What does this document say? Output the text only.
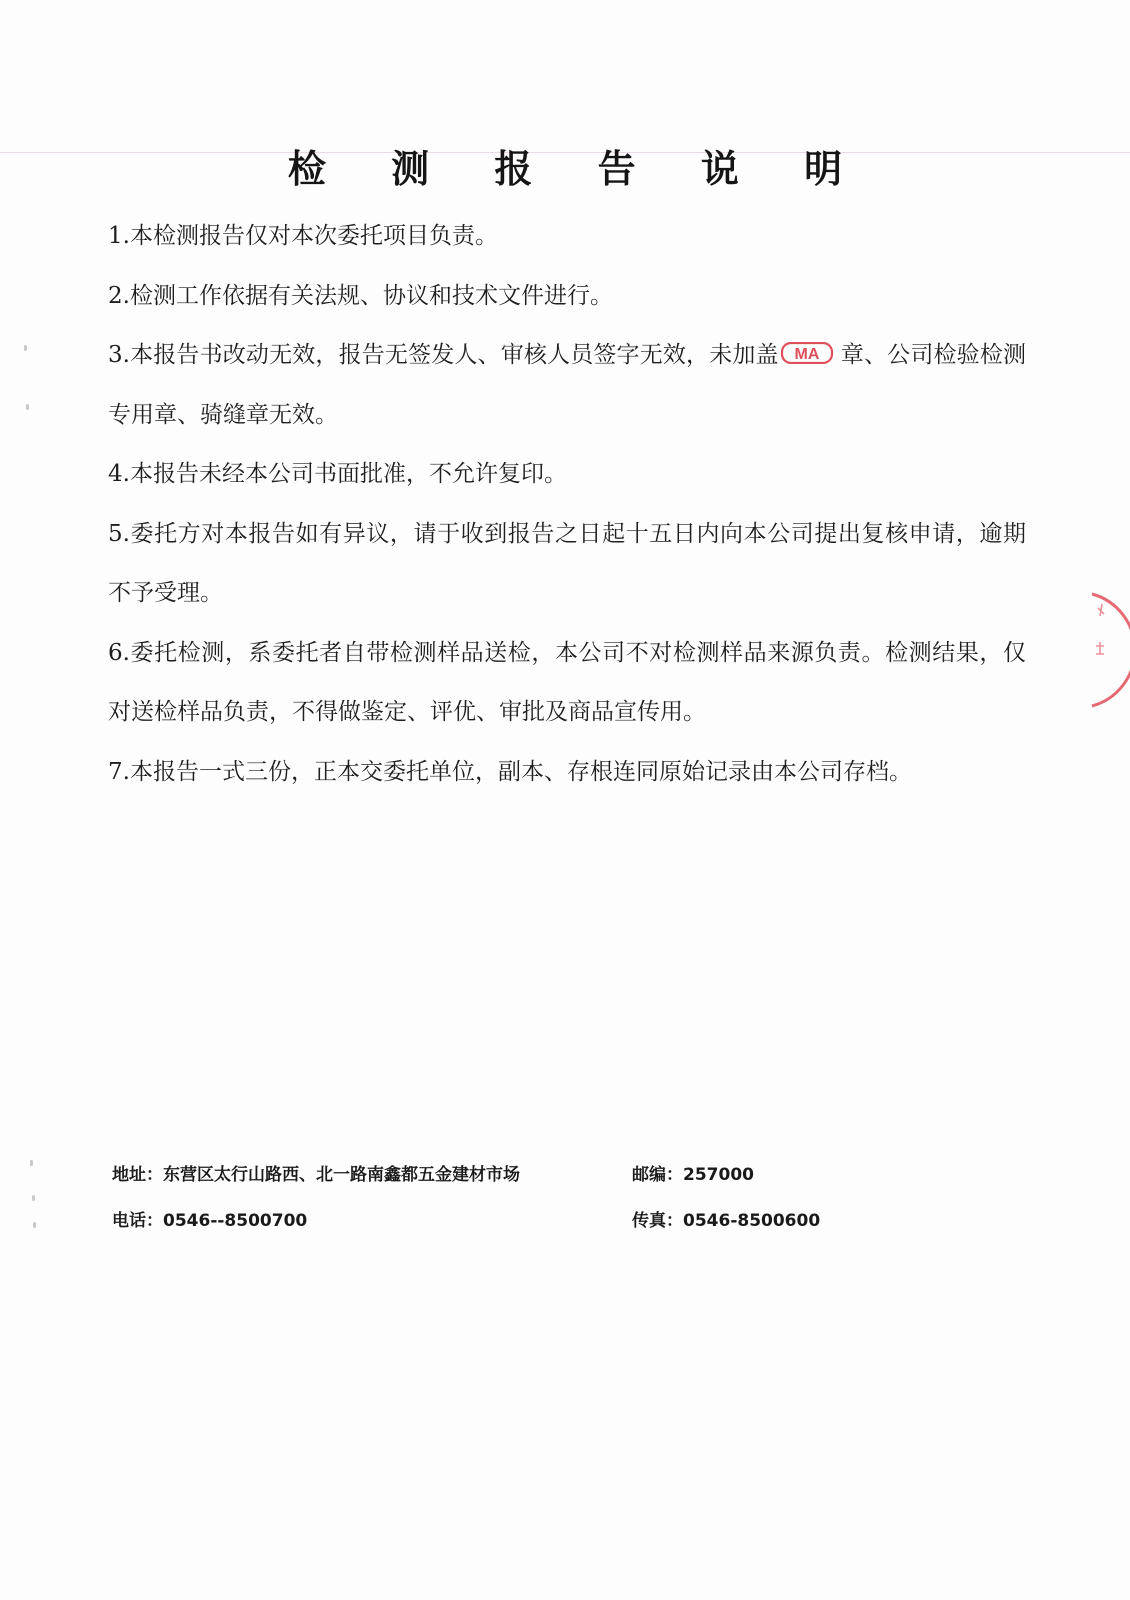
检 测 报 告 说 明

1.本检测报告仅对本次委托项目负责。

2.检测工作依据有关法规、协议和技术文件进行。

3.本报告书改动无效，报告无签发人、审核人员签字无效，未加盖 MA 章、公司检验检测专用章、骑缝章无效。

4.本报告未经本公司书面批准，不允许复印。

5.委托方对本报告如有异议，请于收到报告之日起十五日内向本公司提出复核申请，逾期不予受理。

6.委托检测，系委托者自带检测样品送检，本公司不对检测样品来源负责。检测结果，仅对送检样品负责，不得做鉴定、评优、审批及商品宣传用。

7.本报告一式三份，正本交委托单位，副本、存根连同原始记录由本公司存档。

地址：东营区太行山路西、北一路南鑫都五金建材市场	邮编：257000
电话：0546--8500700	传真：0546-8500600
